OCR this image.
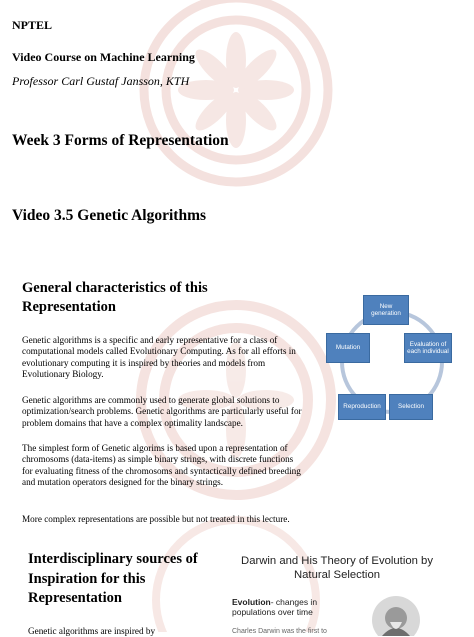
NPTEL
Video Course on Machine Learning
Professor Carl Gustaf Jansson, KTH
Week 3 Forms of Representation
Video 3.5 Genetic Algorithms
General characteristics of this Representation
Genetic algorithms is a specific and early representative for a class of computational models called Evolutionary Computing. As for all efforts in evolutionary computing it is inspired by theories and models from Evolutionary Biology.
Genetic algorithms are commonly used to generate global solutions to optimization/search problems. Genetic algorithms are particularly useful for problem domains that have a complex optimality landscape.
The simplest form of Genetic algorims is based upon a representation of chromosoms (data-items) as simple binary strings, with discrete functions for evaluating fitness of the chromosoms and syntactically defined breeding and mutation operators designed for the binary strings.
More complex representations are possible but not treated in this lecture.
New generation
Evaluation of each individual
Selection
Reproduction
Mutation
Interdisciplinary sources of Inspiration for this Representation
Genetic algorithms are inspired by
Darwin and His Theory of Evolution by Natural Selection
Evolution- changes in populations over time
Charles Darwin was the first to
